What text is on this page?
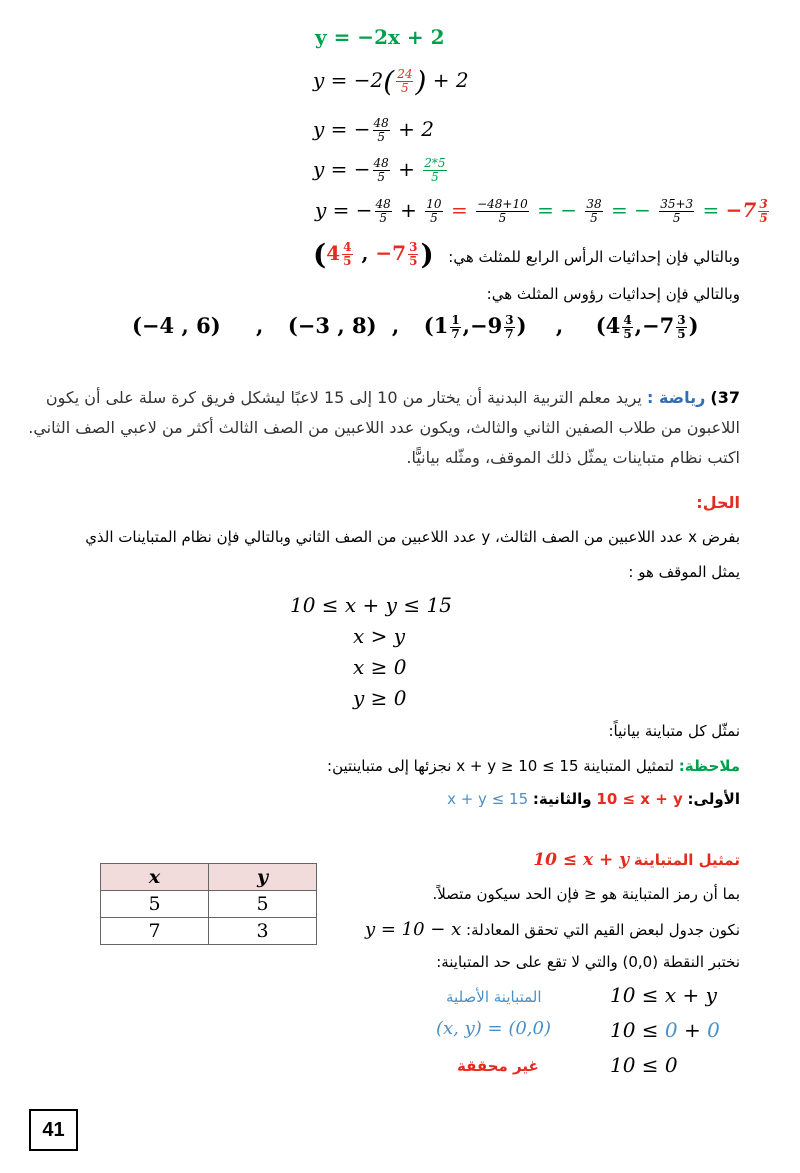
y = −2x + 2
$y = -2( \frac{24}{5}$ ) + 2
y = − $\frac{48}{5} + 2$
y = − $\frac{48}{5} + \frac{2*5}{5}$
y = − $\frac{48}{5} + \frac{10}{5} = \frac{-48+10}{5}$ = − $\frac{38}{5}$ = − $\frac{35+3}{5} = -7 \frac{3}{5}$
($4 \frac{4}{5}$ , $-7 \frac{3}{5}$ ) وبالتالي فإن إحداثيات الرأس الرابع للمثلث هي:
وبالتالي فإن إحداثيات رؤوس المثلث هي:
(−4 , 6) ,  (−3 , 8) ,  ($1 \frac{1}{7} ,-9 \frac{3}{7}$ ) ,  ($4 \frac{4}{5} ,-7 \frac{3}{5}$ )
37) رياضة : يريد معلم التربية البدنية أن يختار من 10 إلى 15 لاعبًا ليشكل فريق كرة سلة على أن يكون اللاعبون من طلاب الصفين الثاني والثالث، ويكون عدد اللاعبين من الصف الثالث أكثر من لاعبي الصف الثاني. اكتب نظام متباينات يمثّل ذلك الموقف، ومثّله بيانيًّا.
الحل:
بفرض x عدد اللاعبين من الصف الثالث، y عدد اللاعبين من الصف الثاني وبالتالي فإن نظام المتباينات الذي
يمثل الموقف هو :
10 ≤ x + y ≤ 15
x > y
x ≥ 0
y ≥ 0
نمثّل كل متباينة بيانياً:
ملاحظة: لتمثيل المتباينة 15 ≥ x + y ≥ 10 نجزئها إلى متباينتين:
الأولى: 10 ≤ x + y والثانية: x + y ≤ 15
تمثيل المتباينة 10 ≤ x + y
بما أن رمز المتباينة هو ≤ فإن الحد سيكون متصلاً.
نكون جدول لبعض القيم التي تحقق المعادلة: y = 10 − x
نختبر النقطة (0,0) والتي لا تقع على حد المتباينة:
10 ≤ x + y
المتباينة الأصلية
10 ≤ 0 + 0
(x, y) = (0,0)
10 ≤ 0
غير محققة
x	y
5	5
7	3
41
